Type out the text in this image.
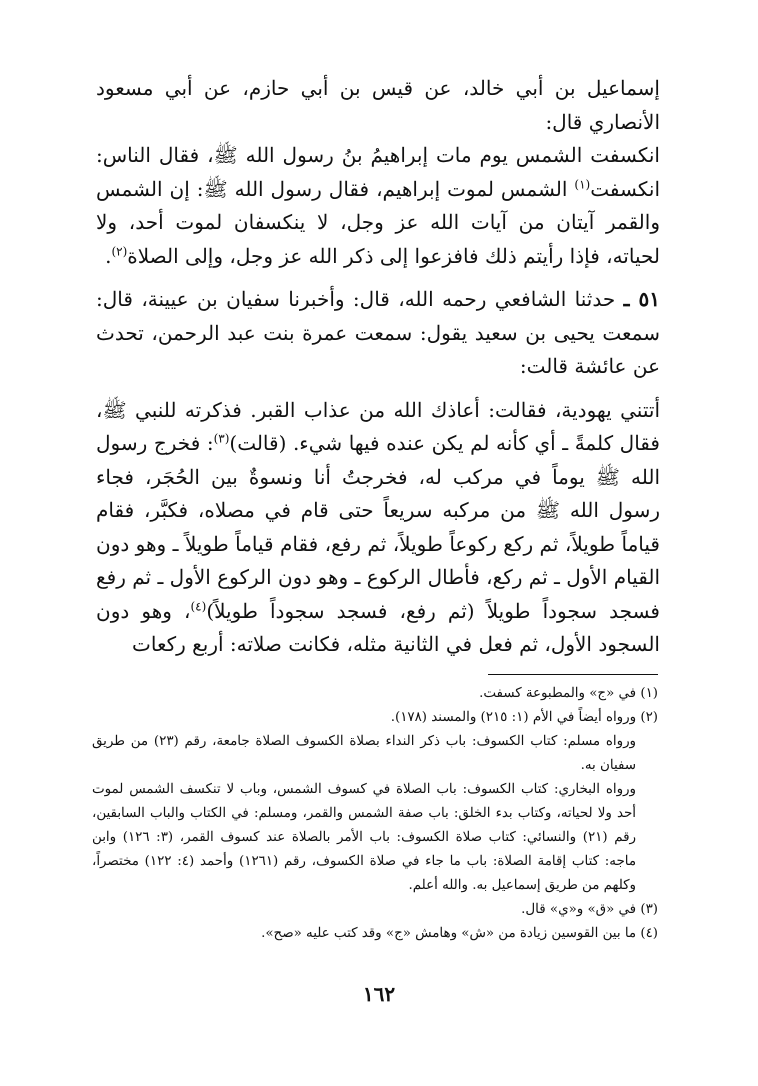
إسماعيل بن أبي خالد، عن قيس بن أبي حازم، عن أبي مسعود الأنصاري قال:

انكسفت الشمس يوم مات إبراهيمُ بنُ رسول الله ﷺ، فقال الناس: انكسفت$^{(١)}$ الشمس لموت إبراهيم، فقال رسول الله ﷺ: إن الشمس والقمر آيتان من آيات الله عز وجل، لا ينكسفان لموت أحد، ولا لحياته، فإذا رأيتم ذلك فافزعوا إلى ذكر الله عز وجل، وإلى الصلاة$^{(٢)}$.

٥١ ـ حدثنا الشافعي رحمه الله، قال: وأخبرنا سفيان بن عيينة، قال: سمعت يحيى بن سعيد يقول: سمعت عمرة بنت عبد الرحمن، تحدث عن عائشة قالت:

أتتني يهودية، فقالت: أعاذك الله من عذاب القبر. فذكرته للنبي ﷺ، فقال كلمةً ـ أي كأنه لم يكن عنده فيها شيء. (قالت)$^{(٣)}$: فخرج رسول الله ﷺ يوماً في مركب له، فخرجتُ أنا ونسوةٌ بين الحُجَر، فجاء رسول الله ﷺ من مركبه سريعاً حتى قام في مصلاه، فكبَّر، فقام قياماً طويلاً، ثم ركع ركوعاً طويلاً، ثم رفع، فقام قياماً طويلاً ـ وهو دون القيام الأول ـ ثم ركع، فأطال الركوع ـ وهو دون الركوع الأول ـ ثم رفع فسجد سجوداً طويلاً (ثم رفع، فسجد سجوداً طويلاً)$^{(٤)}$، وهو دون السجود الأول، ثم فعل في الثانية مثله، فكانت صلاته: أربع ركعات

(١) في «ج» والمطبوعة كسفت.

(٢) ورواه أيضاً في الأم (١: ٢١٥) والمسند (١٧٨).

ورواه مسلم: كتاب الكسوف: باب ذكر النداء بصلاة الكسوف الصلاة جامعة، رقم (٢٣) من طريق سفيان به.

ورواه البخاري: كتاب الكسوف: باب الصلاة في كسوف الشمس، وباب لا تنكسف الشمس لموت أحد ولا لحياته، وكتاب بدء الخلق: باب صفة الشمس والقمر، ومسلم: في الكتاب والباب السابقين، رقم (٢١) والنسائي: كتاب صلاة الكسوف: باب الأمر بالصلاة عند كسوف القمر، (٣: ١٢٦) وابن ماجه: كتاب إقامة الصلاة: باب ما جاء في صلاة الكسوف، رقم (١٢٦١) وأحمد (٤: ١٢٢) مختصراً، وكلهم من طريق إسماعيل به. والله أعلم.

(٣) في «ق» و«ي» قال.

(٤) ما بين القوسين زيادة من «ش» وهامش «ج» وقد كتب عليه «صح».

١٦٢
